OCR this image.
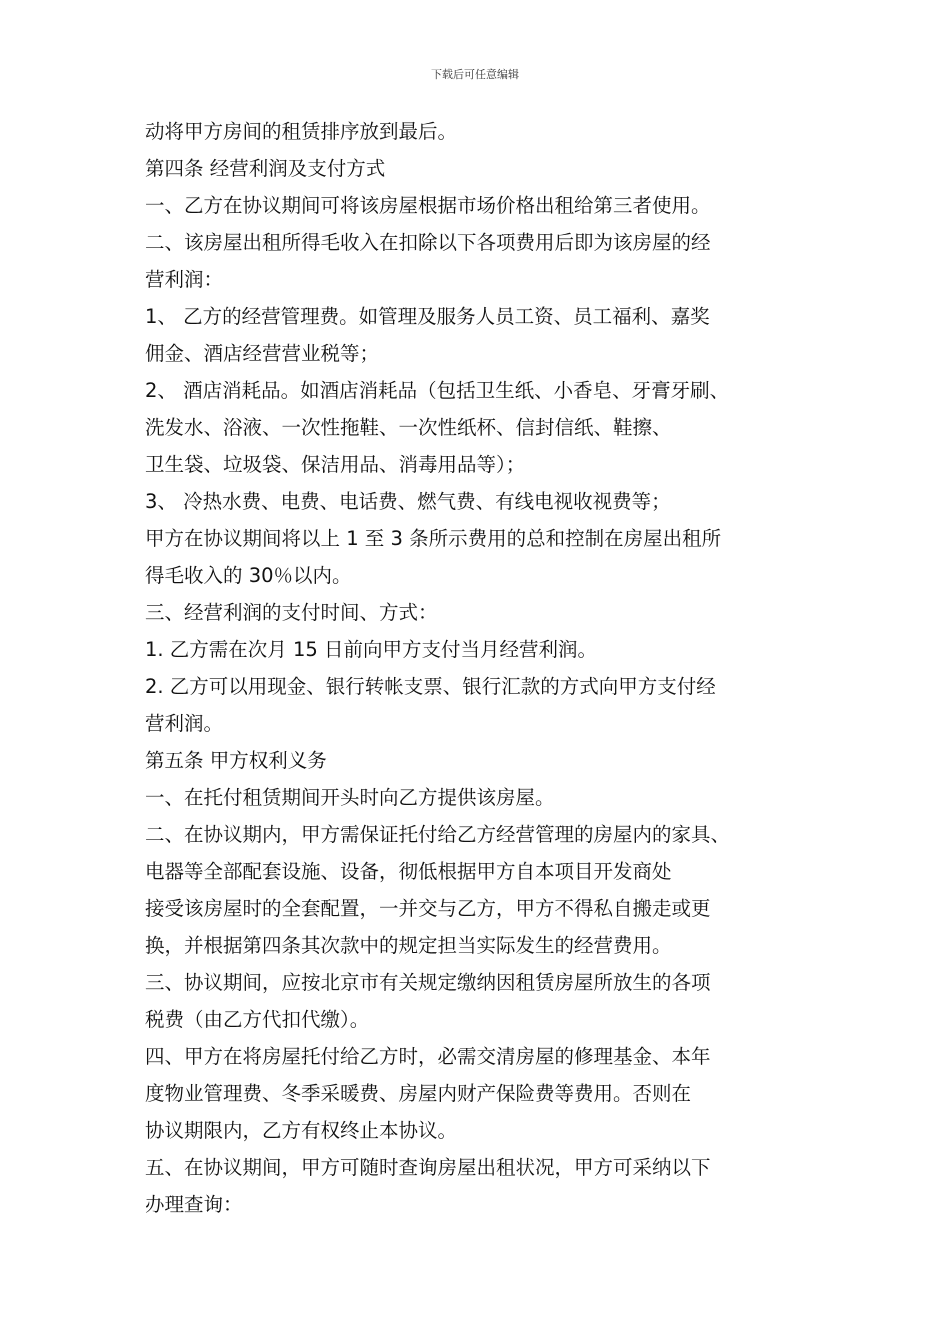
下载后可任意编辑
动将甲方房间的租赁排序放到最后。
第四条 经营利润及支付方式
一、乙方在协议期间可将该房屋根据市场价格出租给第三者使用。
二、该房屋出租所得毛收入在扣除以下各项费用后即为该房屋的经
营利润：
1、 乙方的经营管理费。如管理及服务人员工资、员工福利、嘉奖
佣金、酒店经营营业税等；
2、 酒店消耗品。如酒店消耗品（包括卫生纸、小香皂、牙膏牙刷、
洗发水、浴液、一次性拖鞋、一次性纸杯、信封信纸、鞋擦、
卫生袋、垃圾袋、保洁用品、消毒用品等）；
3、 冷热水费、电费、电话费、燃气费、有线电视收视费等；
甲方在协议期间将以上 1 至 3 条所示费用的总和控制在房屋出租所
得毛收入的 30％以内。
三、经营利润的支付时间、方式：
1. 乙方需在次月 15 日前向甲方支付当月经营利润。
2. 乙方可以用现金、银行转帐支票、银行汇款的方式向甲方支付经
营利润。
第五条 甲方权利义务
一、在托付租赁期间开头时向乙方提供该房屋。
二、在协议期内，甲方需保证托付给乙方经营管理的房屋内的家具、
电器等全部配套设施、设备，彻低根据甲方自本项目开发商处
接受该房屋时的全套配置，一并交与乙方，甲方不得私自搬走或更
换，并根据第四条其次款中的规定担当实际发生的经营费用。
三、协议期间，应按北京市有关规定缴纳因租赁房屋所放生的各项
税费（由乙方代扣代缴）。
四、甲方在将房屋托付给乙方时，必需交清房屋的修理基金、本年
度物业管理费、冬季采暖费、房屋内财产保险费等费用。否则在
协议期限内，乙方有权终止本协议。
五、在协议期间，甲方可随时查询房屋出租状况，甲方可采纳以下
办理查询：
